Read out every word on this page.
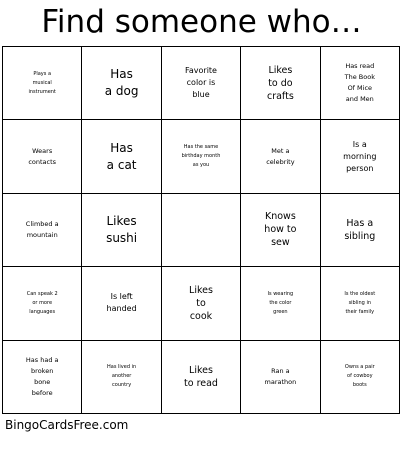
Find someone who…
Plays a
musical
instrument
Has
a dog
Favorite
color is
blue
Likes
to do
crafts
Has read
The Book
Of Mice
and Men
Wears
contacts
Has
a cat
Has the same
birthday month
as you
Met a
celebrity
Is a
morning
person
Climbed a
mountain
Likes
sushi
Knows
how to
sew
Has a
sibling
Can speak 2
or more
languages
Is left
handed
Likes
to
cook
Is wearing
the color
green
Is the oldest
sibling in
their family
Has had a
broken
bone
before
Has lived in
another
country
Likes
to read
Ran a
marathon
Owns a pair
of cowboy
boots
BingoCardsFree.com
